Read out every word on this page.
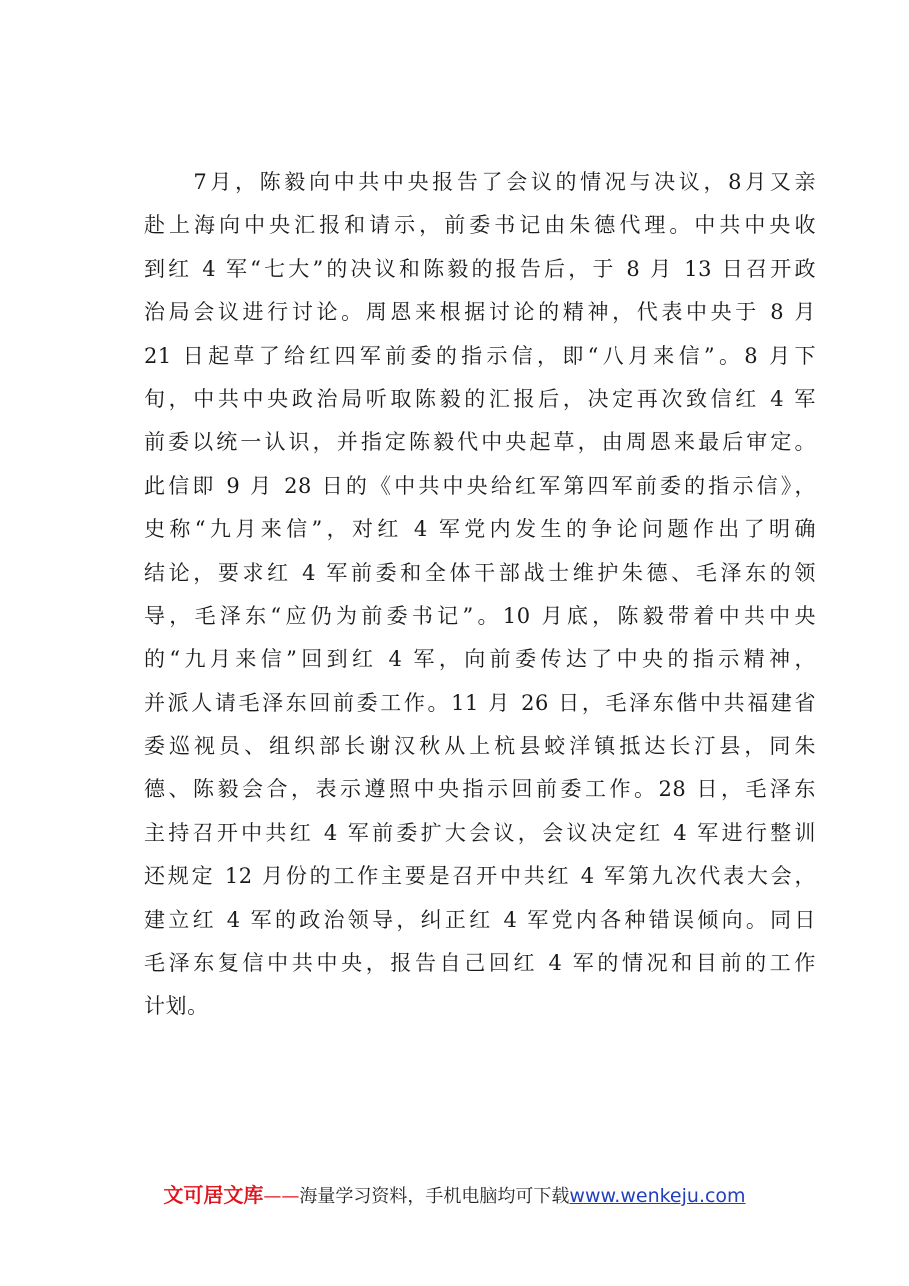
　　7月，陈毅向中共中央报告了会议的情况与决议，8月又亲
赴上海向中央汇报和请示，前委书记由朱德代理。中共中央收
到红 4 军“七大”的决议和陈毅的报告后，于 8 月 13 日召开政
治局会议进行讨论。周恩来根据讨论的精神，代表中央于 8 月
21 日起草了给红四军前委的指示信，即“八月来信”。8 月下
旬，中共中央政治局听取陈毅的汇报后，决定再次致信红 4 军
前委以统一认识，并指定陈毅代中央起草，由周恩来最后审定。
此信即 9 月 28 日的《中共中央给红军第四军前委的指示信》，
史称“九月来信”，对红 4 军党内发生的争论问题作出了明确
结论，要求红 4 军前委和全体干部战士维护朱德、毛泽东的领
导，毛泽东“应仍为前委书记”。10 月底，陈毅带着中共中央
的“九月来信”回到红 4 军，向前委传达了中央的指示精神，
并派人请毛泽东回前委工作。11 月 26 日，毛泽东偕中共福建省
委巡视员、组织部长谢汉秋从上杭县蛟洋镇抵达长汀县，同朱
德、陈毅会合，表示遵照中央指示回前委工作。28 日，毛泽东
主持召开中共红 4 军前委扩大会议，会议决定红 4 军进行整训
还规定 12 月份的工作主要是召开中共红 4 军第九次代表大会，
建立红 4 军的政治领导，纠正红 4 军党内各种错误倾向。同日
毛泽东复信中共中央，报告自己回红 4 军的情况和目前的工作
计划。
文可居文库——海量学习资料，手机电脑均可下载www.wenkeju.com
